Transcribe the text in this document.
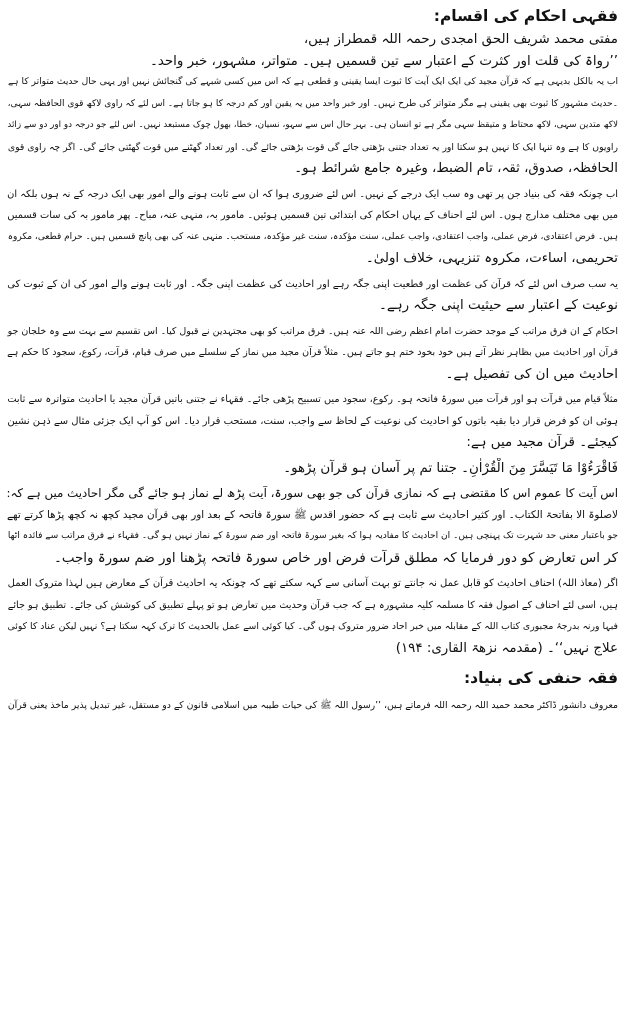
فقہی احکام کی اقسام:
مفتی محمد شریف الحق امجدی رحمہ اللہ قمطراز ہیں،
’’رواۃ کی قلت اور کثرت کے اعتبار سے تین قسمیں ہیں۔ متواتر، مشہور، خبر واحد۔
اب یہ بالکل بدیہی ہے کہ قرآن مجید کی ایک ایک آیت کا ثبوت ایسا یقینی و قطعی ہے کہ اس میں کسی شبہے کی گنجائش نہیں اور یہی حال حدیث متواتر کا ہے
۔حدیث مشہور کا ثبوت بھی یقینی ہے مگر متواتر کی طرح نہیں۔ اور خبر واحد میں یہ یقین اور کم درجہ کا ہو جاتا ہے۔ اس لئے کہ راوی لاکھ قوی الحافظہ سہی،
لاکھ متدین سہی، لاکھ محتاط و متیقظ سہی مگر ہے تو انسان ہی۔ بہر حال اس سے سہو، نسیان، خطا، بھول چوک مستبعد نہیں۔ اس لئے جو درجہ دو اور دو سے زائد
راویوں کا ہے وہ تنہا ایک کا نہیں ہو سکتا اور یہ تعداد جتنی بڑھتی جائے گی قوت بڑھتی جائے گی۔ اور تعداد گھٹنے میں قوت گھٹتی جائے گی۔ اگر چہ راوی قوی
الحافظہ، صدوق، ثقہ، تام الضبط، وغیرہ جامع شرائط ہو۔
اب چونکہ فقہ کی بنیاد جن پر تھی وہ سب ایک درجے کے نہیں۔ اس لئے ضروری ہوا کہ ان سے ثابت ہونے والے امور بھی ایک درجہ کے نہ ہوں بلکہ ان
میں بھی مختلف مدارج ہوں۔ اس لئے احناف کے یہاں احکام کی ابتدائی تین قسمیں ہوئیں۔ مامور بہ، منہی عنہ، مباح۔ پھر مامور بہ کی سات قسمیں
ہیں۔ فرض اعتقادی، فرض عملی، واجب اعتقادی، واجب عملی، سنت مؤکدہ، سنت غیر مؤکدہ، مستحب۔ منہی عنہ کی بھی پانچ قسمیں ہیں۔ حرام قطعی، مکروہ
تحریمی، اساءت، مکروہ تنزیہی، خلاف اولیٰ۔
یہ سب صرف اس لئے کہ قرآن کی عظمت اور قطعیت اپنی جگہ رہے اور احادیث کی عظمت اپنی جگہ۔ اور ثابت ہونے والے امور کی ان کے ثبوت کی
نوعیت کے اعتبار سے حیثیت اپنی جگہ رہے۔
احکام کے ان فرق مراتب کے موجد حضرت امام اعظم رضی اللہ عنہ ہیں۔ فرق مراتب کو بھی مجتہدین نے قبول کیا۔ اس تقسیم سے بہت سے وہ خلجان جو
قرآن اور احادیث میں بظاہر نظر آتے ہیں خود بخود ختم ہو جاتے ہیں۔ مثلاً قرآن مجید میں نماز کے سلسلے میں صرف قیام، قرآت، رکوع، سجود کا حکم ہے
احادیث میں ان کی تفصیل ہے۔
مثلاً قیام میں قرآت ہو اور قرآت میں سورۃ فاتحہ ہو۔ رکوع، سجود میں تسبیح پڑھی جائے۔ فقہاء نے جتنی باتیں قرآن مجید یا احادیث متواترہ سے ثابت
ہوئی ان کو فرض قرار دیا بقیہ باتوں کو احادیث کی نوعیت کے لحاظ سے واجب، سنت، مستحب قرار دیا۔ اس کو آپ ایک جزئی مثال سے ذہن نشین
کیجئے۔ قرآن مجید میں ہے:
فَاقْرَءُوْا مَا تَيَسَّرَ مِنَ الْقُرْاٰنِ۔ جتنا تم پر آسان ہو قرآن پڑھو۔
اس آیت کا عموم اس کا مقتضی ہے کہ نمازی قرآن کی جو بھی سورۃ، آیت پڑھ لے نماز ہو جائے گی مگر احادیث میں ہے کہ:
لاصلوۃ الا بفاتحۃ الکتاب۔ اور کثیر احادیث سے ثابت ہے کہ حضور اقدس ﷺ سورۃ فاتحہ کے بعد اور بھی قرآن مجید کچھ نہ کچھ پڑھا کرتے تھے
جو باعتبار معنی حد شہرت تک پہنچی ہیں۔ ان احادیث کا مفادیہ ہوا کہ بغیر سورۃ فاتحہ اور ضم سورۃ کے نماز نہیں ہو گی۔ فقہاء نے فرق مراتب سے فائدہ اٹھا
کر اس تعارض کو دور فرمایا کہ مطلق قرآت فرض اور خاص سورۃ فاتحہ پڑھنا اور ضم سورۃ واجب۔
اگر (معاذ اللہ) احناف احادیث کو قابل عمل نہ جانتے تو بہت آسانی سے کہہ سکتے تھے کہ چونکہ یہ احادیث قرآن کے معارض ہیں لہذا متروک العمل
ہیں، اسی لئے احناف کے اصول فقہ کا مسلمہ کلیہ مشہورہ ہے کہ جب قرآن وحدیث میں تعارض ہو تو پہلے تطبیق کی کوشش کی جائے۔ تطبیق ہو جائے
فبہا ورنہ بدرجۂ مجبوری کتاب اللہ کے مقابلہ میں خبر احاد ضرور متروک ہوں گی۔ کیا کوئی اسے عمل بالحدیث کا ترک کہہ سکتا ہے؟ نہیں لیکن عناد کا کوئی
علاج نہیں‘‘۔ (مقدمہ نزھۃ القاری: ۱۹۴)
فقہ حنفی کی بنیاد:
معروف دانشور ڈاکٹر محمد حمید اللہ رحمہ اللہ فرماتے ہیں، ’’رسول اللہ ﷺ کی حیات طیبہ میں اسلامی قانون کے دو مستقل، غیر تبدیل پذیر ماخذ یعنی قرآن
